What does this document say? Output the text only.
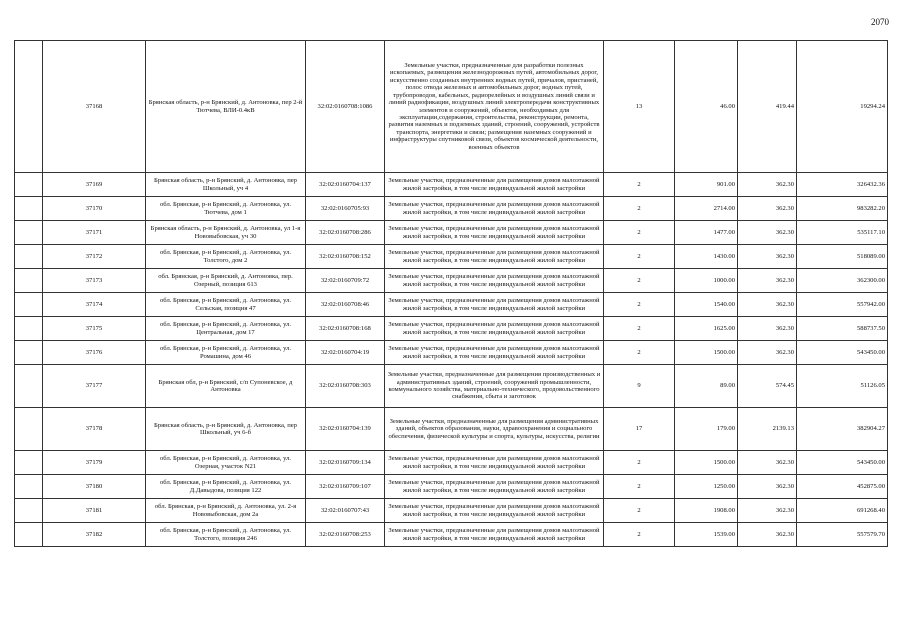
2070
	37168	Брянская область, р-н Брянский, д. Антоновка, пер 2-й Тютчева, ВЛИ-0.4кВ	32:02:0160708:1086	Земельные участки, предназначенные для разработки полезных ископаемых, размещения железнодорожных путей, автомобильных дорог, искусственно созданных внутренних водных путей, причалов, пристаней, полос отвода железных и автомобильных дорог, водных путей, трубопроводов, кабельных, радиорелейных и воздушных линий связи и линий радиофикации, воздушных линий электропередачи конструктивных элементов и сооружений, объектов, необходимых для эксплуатации,содержания, строительства, реконструкции, ремонта, развития наземных и подземных зданий, строений, сооружений, устройств транспорта, энергетики и связи; размещения наземных сооружений и инфраструктуры спутниковой связи, объектов космической деятельности, военных объектов	13	46.00	419.44	19294.24
	37169	Брянская область, р-н Брянский, д. Антоновка, пер Школьный, уч 4	32:02:0160704:137	Земельные участки, предназначенные для размещения домов малоэтажной жилой застройки, в том числе индивидуальной жилой застройки	2	901.00	362.30	326432.36
	37170	обл. Брянская, р-н Брянский, д. Антоновка, ул. Тютчева, дом 1	32:02:0160705:93	Земельные участки, предназначенные для размещения домов малоэтажной жилой застройки, в том числе индивидуальной жилой застройки	2	2714.00	362.30	983282.20
	37171	Брянская область, р-н Брянский, д. Антоновка, ул 1-я Нововыбовская, уч 30	32:02:0160708:286	Земельные участки, предназначенные для размещения домов малоэтажной жилой застройки, в том числе индивидуальной жилой застройки	2	1477.00	362.30	535117.10
	37172	обл. Брянская, р-н Брянский, д. Антоновка, ул. Толстого, дом 2	32:02:0160708:152	Земельные участки, предназначенные для размещения домов малоэтажной жилой застройки, в том числе индивидуальной жилой застройки	2	1430.00	362.30	518089.00
	37173	обл. Брянская, р-н Брянский, д. Антоновка, пер. Озерный, позиция 613	32:02:0160709:72	Земельные участки, предназначенные для размещения домов малоэтажной жилой застройки, в том числе индивидуальной жилой застройки	2	1000.00	362.30	362300.00
	37174	обл. Брянская, р-н Брянский, д. Антоновка, ул. Сельская, позиция 47	32:02:0160708:46	Земельные участки, предназначенные для размещения домов малоэтажной жилой застройки, в том числе индивидуальной жилой застройки	2	1540.00	362.30	557942.00
	37175	обл. Брянская, р-н Брянский, д. Антоновка, ул. Центральная, дом 17	32:02:0160708:168	Земельные участки, предназначенные для размещения домов малоэтажной жилой застройки, в том числе индивидуальной жилой застройки	2	1625.00	362.30	588737.50
	37176	обл. Брянская, р-н Брянский, д. Антоновка, ул. Ромашина, дом 46	32:02:0160704:19	Земельные участки, предназначенные для размещения домов малоэтажной жилой застройки, в том числе индивидуальной жилой застройки	2	1500.00	362.30	543450.00
	37177	Брянская обл, р-н Брянский, с/п Супоневское, д Антоновка	32:02:0160708:303	Земельные участки, предназначенные для размещения производственных и административных зданий, строений, сооружений промышленности, коммунального хозяйства, материально-технического, продовольственного снабжения, сбыта и заготовок	9	89.00	574.45	51126.05
	37178	Брянская область, р-н Брянский, д. Антоновка, пер Школьный, уч 6-б	32:02:0160704:139	Земельные участки, предназначенные для размещения административных зданий, объектов образования, науки, здравоохранения и социального обеспечения, физической культуры и спорта, культуры, искусства, религии	17	179.00	2139.13	382904.27
	37179	обл. Брянская, р-н Брянский, д. Антоновка, ул. Озерная, участок N21	32:02:0160709:134	Земельные участки, предназначенные для размещения домов малоэтажной жилой застройки, в том числе индивидуальной жилой застройки	2	1500.00	362.30	543450.00
	37180	обл. Брянская, р-н Брянский, д. Антоновка, ул. Д.Давыдова, позиция 122	32:02:0160709:107	Земельные участки, предназначенные для размещения домов малоэтажной жилой застройки, в том числе индивидуальной жилой застройки	2	1250.00	362.30	452875.00
	37181	обл. Брянская, р-н Брянский, д. Антоновка, ул. 2-я Нововыбовская, дом 2а	32:02:0160707:43	Земельные участки, предназначенные для размещения домов малоэтажной жилой застройки, в том числе индивидуальной жилой застройки	2	1908.00	362.30	691268.40
	37182	обл. Брянская, р-н Брянский, д. Антоновка, ул. Толстого, позиция 246	32:02:0160708:253	Земельные участки, предназначенные для размещения домов малоэтажной жилой застройки, в том числе индивидуальной жилой застройки	2	1539.00	362.30	557579.70
